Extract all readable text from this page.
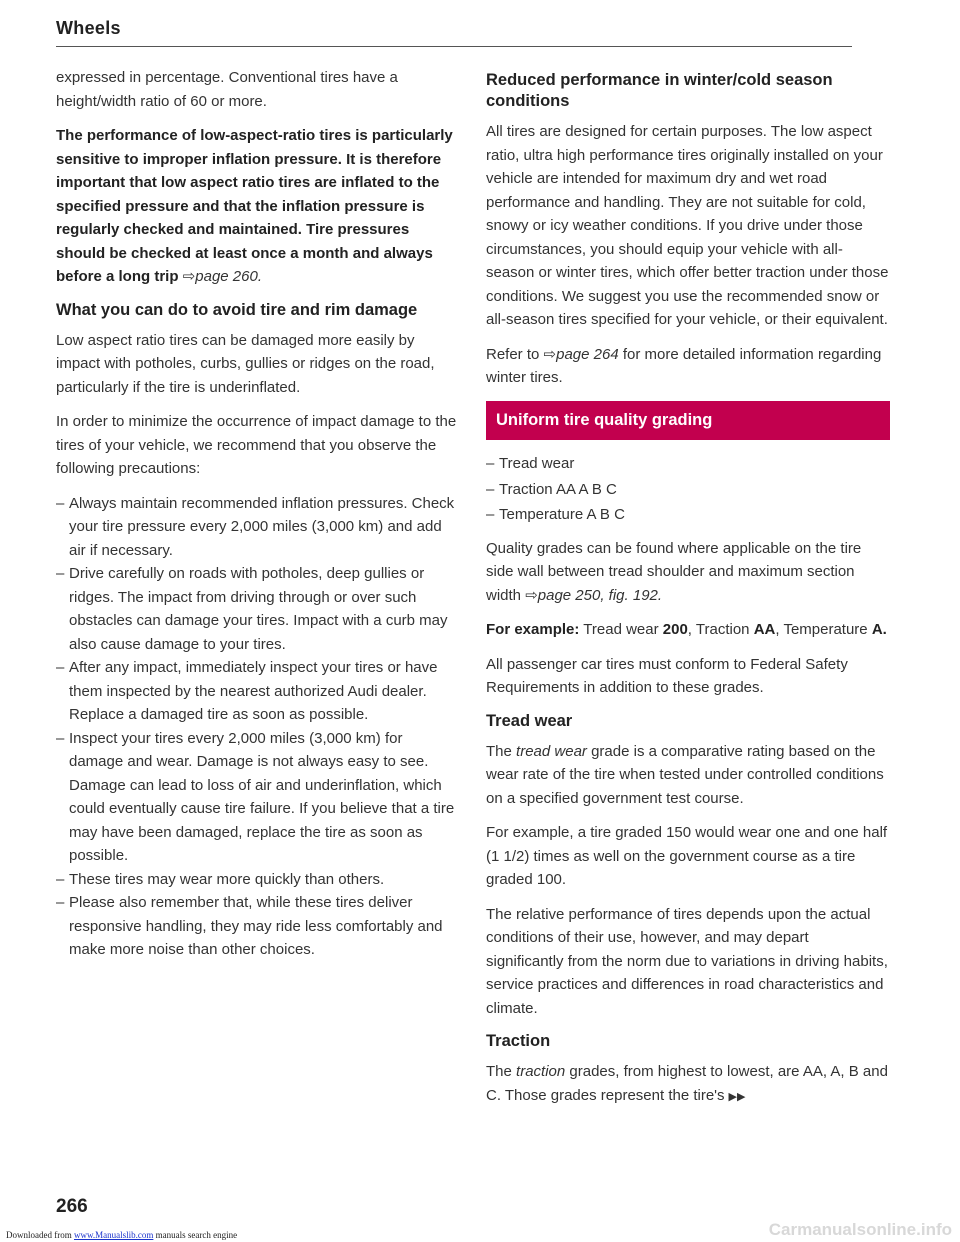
Wheels

expressed in percentage. Conventional tires have a height/width ratio of 60 or more.

The performance of low-aspect-ratio tires is particularly sensitive to improper inflation pressure. It is therefore important that low aspect ratio tires are inflated to the specified pressure and that the inflation pressure is regularly checked and maintained. Tire pressures should be checked at least once a month and always before a long trip ⇨page 260.

What you can do to avoid tire and rim damage

Low aspect ratio tires can be damaged more easily by impact with potholes, curbs, gullies or ridges on the road, particularly if the tire is underinflated.

In order to minimize the occurrence of impact damage to the tires of your vehicle, we recommend that you observe the following precautions:

– Always maintain recommended inflation pressures. Check your tire pressure every 2,000 miles (3,000 km) and add air if necessary.
– Drive carefully on roads with potholes, deep gullies or ridges. The impact from driving through or over such obstacles can damage your tires. Impact with a curb may also cause damage to your tires.
– After any impact, immediately inspect your tires or have them inspected by the nearest authorized Audi dealer. Replace a damaged tire as soon as possible.
– Inspect your tires every 2,000 miles (3,000 km) for damage and wear. Damage is not always easy to see. Damage can lead to loss of air and underinflation, which could eventually cause tire failure. If you believe that a tire may have been damaged, replace the tire as soon as possible.
– These tires may wear more quickly than others.
– Please also remember that, while these tires deliver responsive handling, they may ride less comfortably and make more noise than other choices.
Reduced performance in winter/cold season conditions

All tires are designed for certain purposes. The low aspect ratio, ultra high performance tires originally installed on your vehicle are intended for maximum dry and wet road performance and handling. They are not suitable for cold, snowy or icy weather conditions. If you drive under those circumstances, you should equip your vehicle with all-season or winter tires, which offer better traction under those conditions. We suggest you use the recommended snow or all-season tires specified for your vehicle, or their equivalent.

Refer to ⇨page 264 for more detailed information regarding winter tires.

Uniform tire quality grading
– Tread wear
– Traction AA A B C
– Temperature A B C

Quality grades can be found where applicable on the tire side wall between tread shoulder and maximum section width ⇨page 250, fig. 192.

For example: Tread wear 200, Traction AA, Temperature A.

All passenger car tires must conform to Federal Safety Requirements in addition to these grades.

Tread wear

The tread wear grade is a comparative rating based on the wear rate of the tire when tested under controlled conditions on a specified government test course.

For example, a tire graded 150 would wear one and one half (1 1/2) times as well on the government course as a tire graded 100.

The relative performance of tires depends upon the actual conditions of their use, however, and may depart significantly from the norm due to variations in driving habits, service practices and differences in road characteristics and climate.

Traction

The traction grades, from highest to lowest, are AA, A, B and C. Those grades represent the tire's ▶▶

266
Downloaded from www.Manualslib.com manuals search engine	Carmanualsonline.info
